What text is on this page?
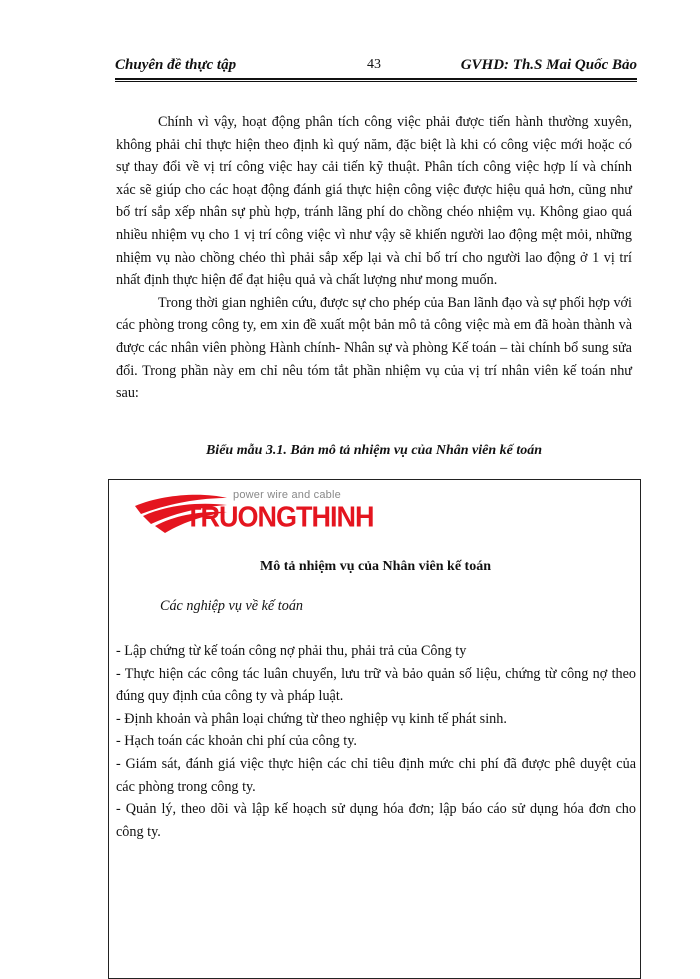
Chuyên đề thực tập	43	GVHD: Th.S Mai Quốc Bảo

Chính vì vậy, hoạt động phân tích công việc phải được tiến hành thường xuyên, không phải chỉ thực hiện theo định kì quý năm, đặc biệt là khi có công việc mới hoặc có sự thay đổi về vị trí công việc hay cải tiến kỹ thuật. Phân tích công việc hợp lí và chính xác sẽ giúp cho các hoạt động đánh giá thực hiện công việc được hiệu quả hơn, cũng như bố trí sắp xếp nhân sự phù hợp, tránh lãng phí do chồng chéo nhiệm vụ. Không giao quá nhiều nhiệm vụ cho 1 vị trí công việc vì như vậy sẽ khiến người lao động mệt mỏi, những nhiệm vụ nào chồng chéo thì phải sắp xếp lại và chỉ bố trí cho người lao động ở 1 vị trí nhất định thực hiện để đạt hiệu quả và chất lượng như mong muốn.

Trong thời gian nghiên cứu, được sự cho phép của Ban lãnh đạo và sự phối hợp với các phòng trong công ty, em xin đề xuất một bản mô tả công việc mà em đã hoàn thành và được các nhân viên phòng Hành chính- Nhân sự và phòng Kế toán – tài chính bổ sung sửa đổi. Trong phần này em chỉ nêu tóm tắt phần nhiệm vụ của vị trí nhân viên kế toán như sau:

Biểu mẫu 3.1. Bản mô tả nhiệm vụ của Nhân viên kế toán
power wire and cable
TRUONGTHINH
Mô tả nhiệm vụ của Nhân viên kế toán
Các nghiệp vụ về kế toán
- Lập chứng từ kế toán công nợ phải thu, phải trả của Công ty
- Thực hiện các công tác luân chuyển, lưu trữ và bảo quản số liệu, chứng từ công nợ theo đúng quy định của công ty và pháp luật.
- Định khoản và phân loại chứng từ theo nghiệp vụ kinh tế phát sinh.
- Hạch toán các khoản chi phí của công ty.
- Giám sát, đánh giá việc thực hiện các chỉ tiêu định mức chi phí đã được phê duyệt của các phòng trong công ty.
- Quản lý, theo dõi và lập kế hoạch sử dụng hóa đơn; lập báo cáo sử dụng hóa đơn cho công ty.
